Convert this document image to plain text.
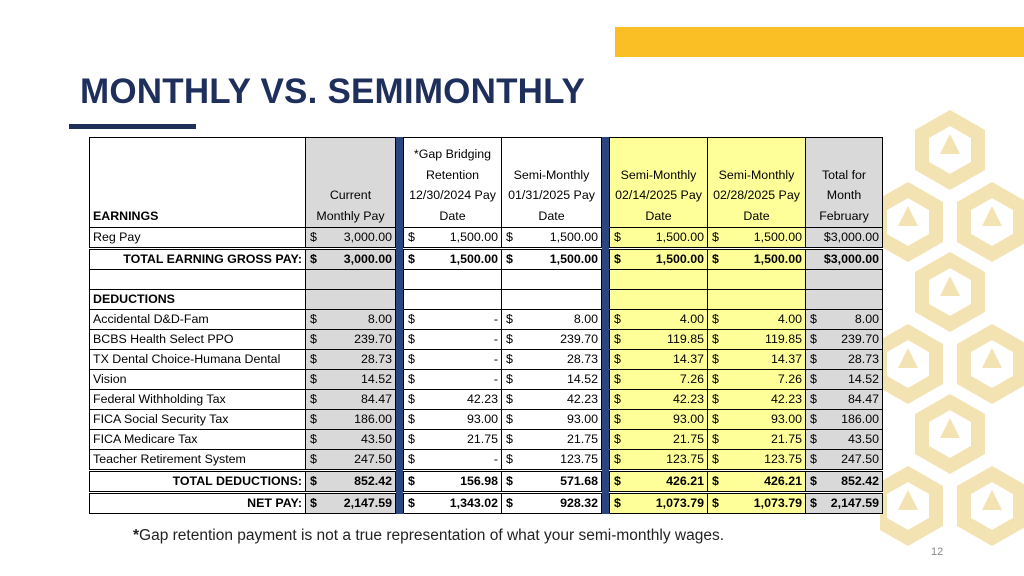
MONTHLY VS. SEMIMONTHLY
EARNINGS	Current Monthly Pay		*Gap Bridging Retention 12/30/2024 Pay Date	Semi-Monthly 01/31/2025 Pay Date		Semi-Monthly 02/14/2025 Pay Date	Semi-Monthly 02/28/2025 Pay Date	Total for Month February
Reg Pay	$ 3,000.00		$ 1,500.00	$ 1,500.00		$ 1,500.00	$ 1,500.00	$ 3,000.00

TOTAL EARNING GROSS PAY:	$ 3,000.00		$ 1,500.00	$ 1,500.00		$ 1,500.00	$ 1,500.00	$ 3,000.00

DEDUCTIONS								
Accidental D&D-Fam	$ 8.00		$ -	$ 8.00		$ 4.00	$ 4.00	$ 8.00

BCBS Health Select PPO	$ 239.70		$ -	$ 239.70		$ 119.85	$ 119.85	$ 239.70

TX Dental Choice-Humana Dental	$ 28.73		$ -	$ 28.73		$ 14.37	$ 14.37	$ 28.73

Vision	$ 14.52		$ -	$ 14.52		$ 7.26	$ 7.26	$ 14.52

Federal Withholding Tax	$ 84.47		$ 42.23	$ 42.23		$ 42.23	$ 42.23	$ 84.47

FICA Social Security Tax	$ 186.00		$ 93.00	$ 93.00		$ 93.00	$ 93.00	$ 186.00

FICA Medicare Tax	$ 43.50		$ 21.75	$ 21.75		$ 21.75	$ 21.75	$ 43.50

Teacher Retirement System	$ 247.50		$ -	$ 123.75		$ 123.75	$ 123.75	$ 247.50

TOTAL DEDUCTIONS:	$ 852.42		$ 156.98	$ 571.68		$ 426.21	$ 426.21	$ 852.42

NET PAY:	$ 2,147.59		$ 1,343.02	$ 928.32		$ 1,073.79	$ 1,073.79	$ 2,147.59
*Gap retention payment is not a true representation of what your semi-monthly wages.
12
